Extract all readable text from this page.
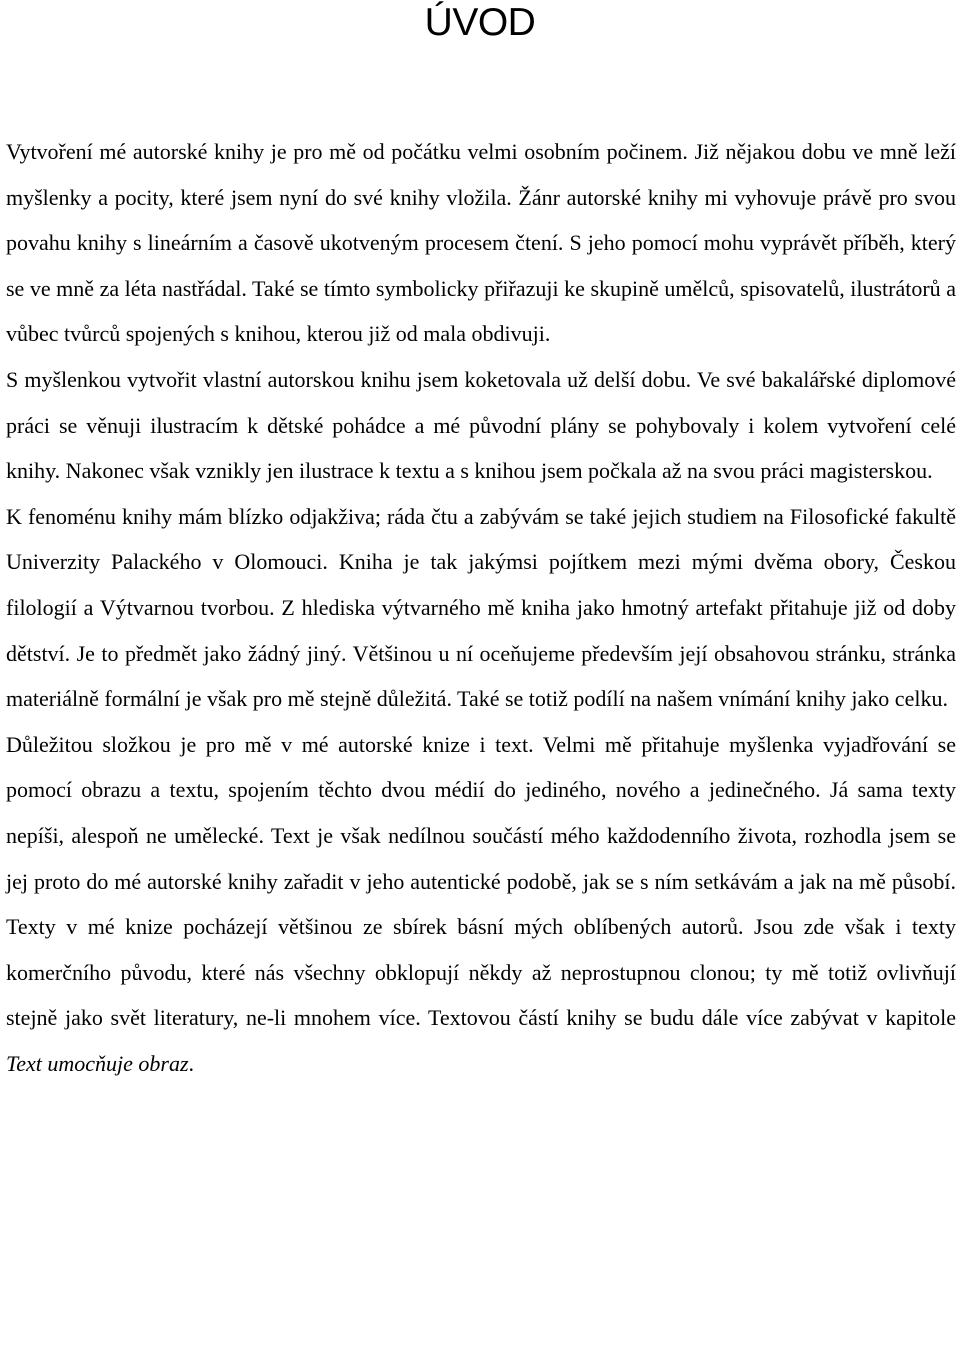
ÚVOD

Vytvoření mé autorské knihy je pro mě od počátku velmi osobním počinem. Již nějakou dobu ve mně leží myšlenky a pocity, které jsem nyní do své knihy vložila. Žánr autorské knihy mi vyhovuje právě pro svou povahu knihy s lineárním a časově ukotveným procesem čtení. S jeho pomocí mohu vyprávět příběh, který se ve mně za léta nastřádal. Také se tímto symbolicky přiřazuji ke skupině umělců, spisovatelů, ilustrátorů a vůbec tvůrců spojených s knihou, kterou již od mala obdivuji.

S myšlenkou vytvořit vlastní autorskou knihu jsem koketovala už delší dobu. Ve své bakalářské diplomové práci se věnuji ilustracím k dětské pohádce a mé původní plány se pohybovaly i kolem vytvoření celé knihy. Nakonec však vznikly jen ilustrace k textu a s knihou jsem počkala až na svou práci magisterskou.

K fenoménu knihy mám blízko odjakživa; ráda čtu a zabývám se také jejich studiem na Filosofické fakultě Univerzity Palackého v Olomouci. Kniha je tak jakýmsi pojítkem mezi mými dvěma obory, Českou filologií a Výtvarnou tvorbou. Z hlediska výtvarného mě kniha jako hmotný artefakt přitahuje již od doby dětství. Je to předmět jako žádný jiný. Většinou u ní oceňujeme především její obsahovou stránku, stránka materiálně formální je však pro mě stejně důležitá. Také se totiž podílí na našem vnímání knihy jako celku.

Důležitou složkou je pro mě v mé autorské knize i text. Velmi mě přitahuje myšlenka vyjadřování se pomocí obrazu a textu, spojením těchto dvou médií do jediného, nového a jedinečného. Já sama texty nepíši, alespoň ne umělecké. Text je však nedílnou součástí mého každodenního života, rozhodla jsem se jej proto do mé autorské knihy zařadit v jeho autentické podobě, jak se s ním setkávám a jak na mě působí. Texty v mé knize pocházejí většinou ze sbírek básní mých oblíbených autorů. Jsou zde však i texty komerčního původu, které nás všechny obklopují někdy až neprostupnou clonou; ty mě totiž ovlivňují stejně jako svět literatury, ne-li mnohem více. Textovou částí knihy se budu dále více zabývat v kapitole Text umocňuje obraz.
